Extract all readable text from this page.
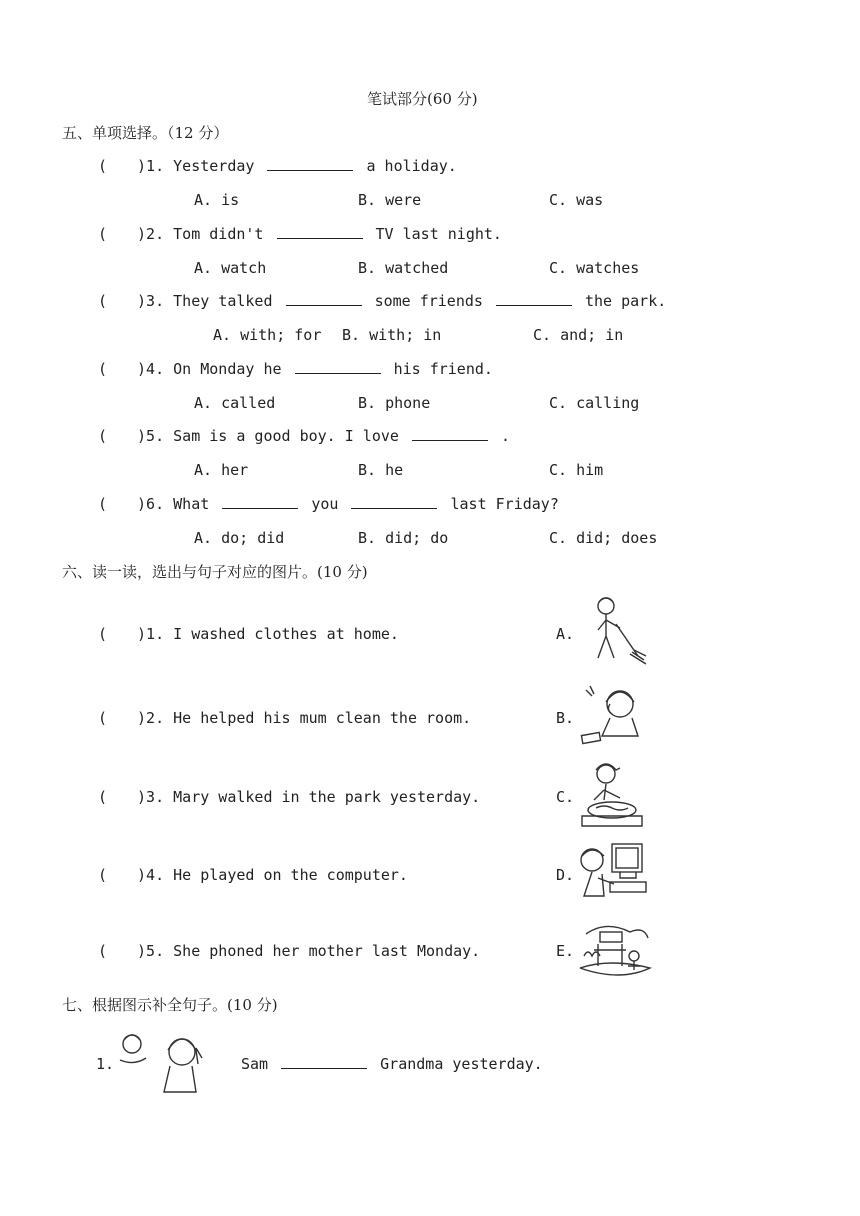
笔试部分(60 分)
五、单项选择。（12 分）
( )1. Yesterday	a holiday.
A. is	B. were	C. was
( )2. Tom didn't	TV last night.
A. watch	B. watched	C. watches
( )3. They talked	some friends	the park.
A. with; for B. with; in	C. and; in
( )4. On Monday he	his friend.
A. called	B. phone	C. calling
( )5. Sam is a good boy. I love	.
A. her	B. he	C. him
( )6. What	you	last Friday?
A. do; did	B. did; do	C. did; does
六、读一读，选出与句子对应的图片。(10 分)
( )1. I washed clothes at home.	A.
( )2. He helped his mum clean the room.	B.
( )3. Mary walked in the park yesterday.	C.
( )4. He played on the computer.	D.
( )5. She phoned her mother last Monday.	E.
七、根据图示补全句子。(10 分)
1.	Sam	Grandma yesterday.
